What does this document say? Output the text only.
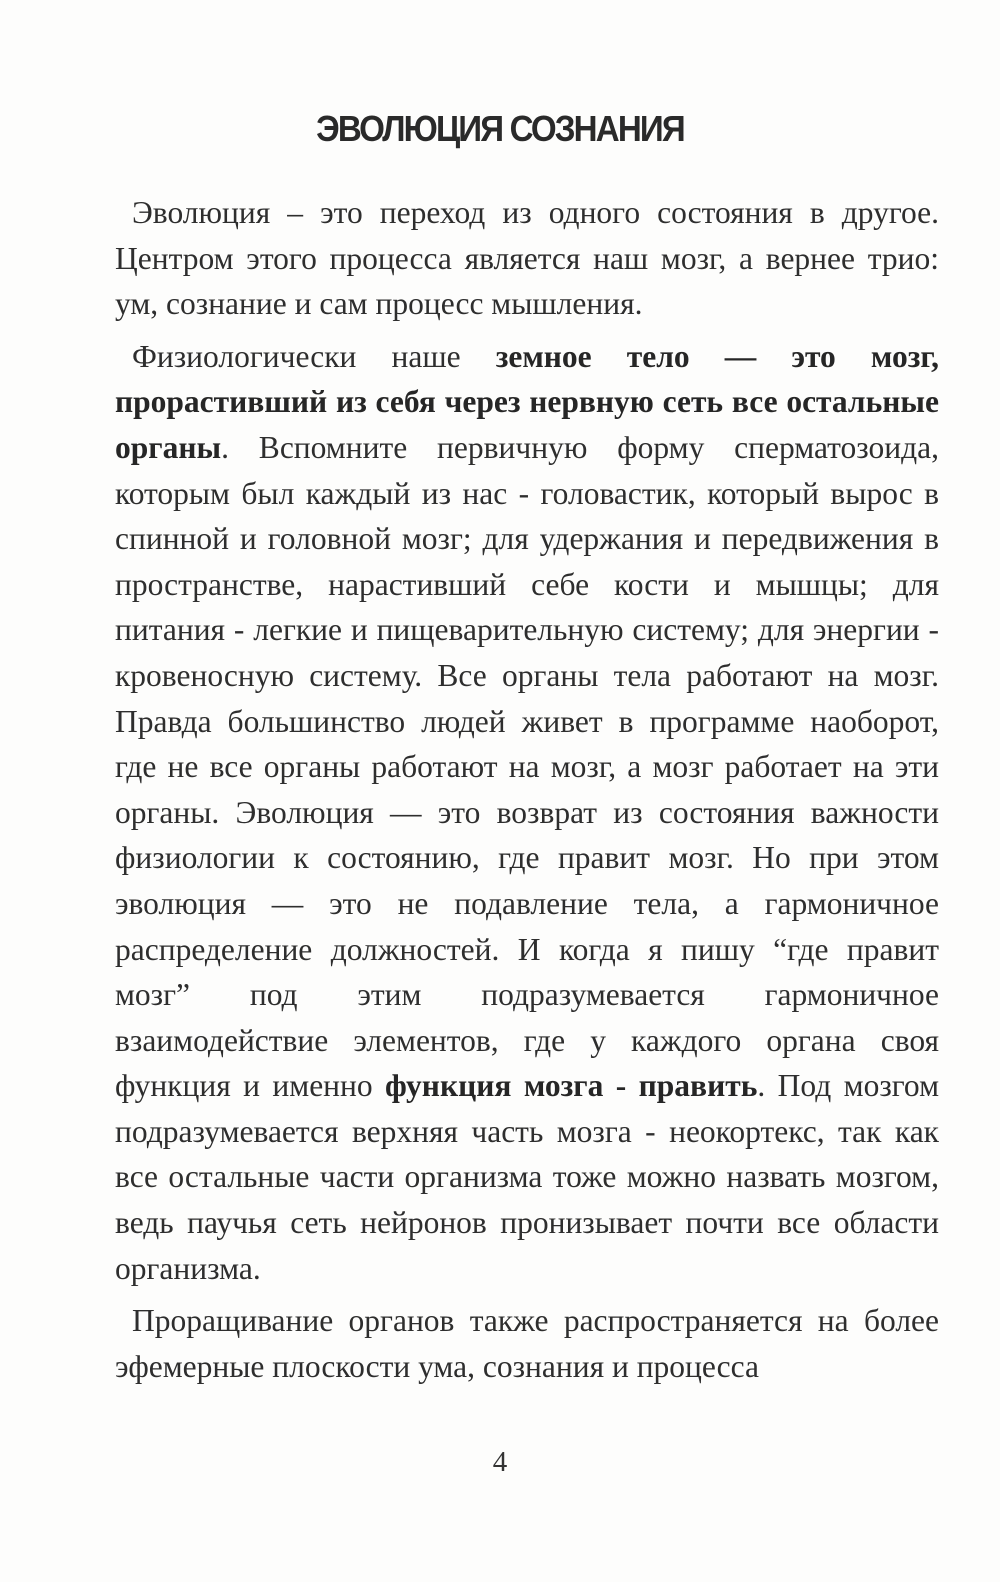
ЭВОЛЮЦИЯ СОЗНАНИЯ

Эволюция – это переход из одного состояния в другое. Центром этого процесса является наш мозг, а вернее трио: ум, сознание и сам процесс мышления.

Физиологически наше земное тело — это мозг, прорастивший из себя через нервную сеть все остальные органы. Вспомните первичную форму сперматозоида, которым был каждый из нас - головастик, который вырос в спинной и головной мозг; для удержания и передвижения в пространстве, нарастивший себе кости и мышцы; для питания - легкие и пищеварительную систему; для энергии - кровеносную систему. Все органы тела работают на мозг. Правда большинство людей живет в программе наоборот, где не все органы работают на мозг, а мозг работает на эти органы. Эволюция — это возврат из состояния важности физиологии к состоянию, где правит мозг. Но при этом эволюция — это не подавление тела, а гармоничное распределение должностей. И когда я пишу “где правит мозг” под этим подразумевается гармоничное взаимодействие элементов, где у каждого органа своя функция и именно функция мозга - править. Под мозгом подразумевается верхняя часть мозга - неокортекс, так как все остальные части организма тоже можно назвать мозгом, ведь паучья сеть нейронов пронизывает почти все области организма.

Проращивание органов также распространяется на более эфемерные плоскости ума, сознания и процесса

4
